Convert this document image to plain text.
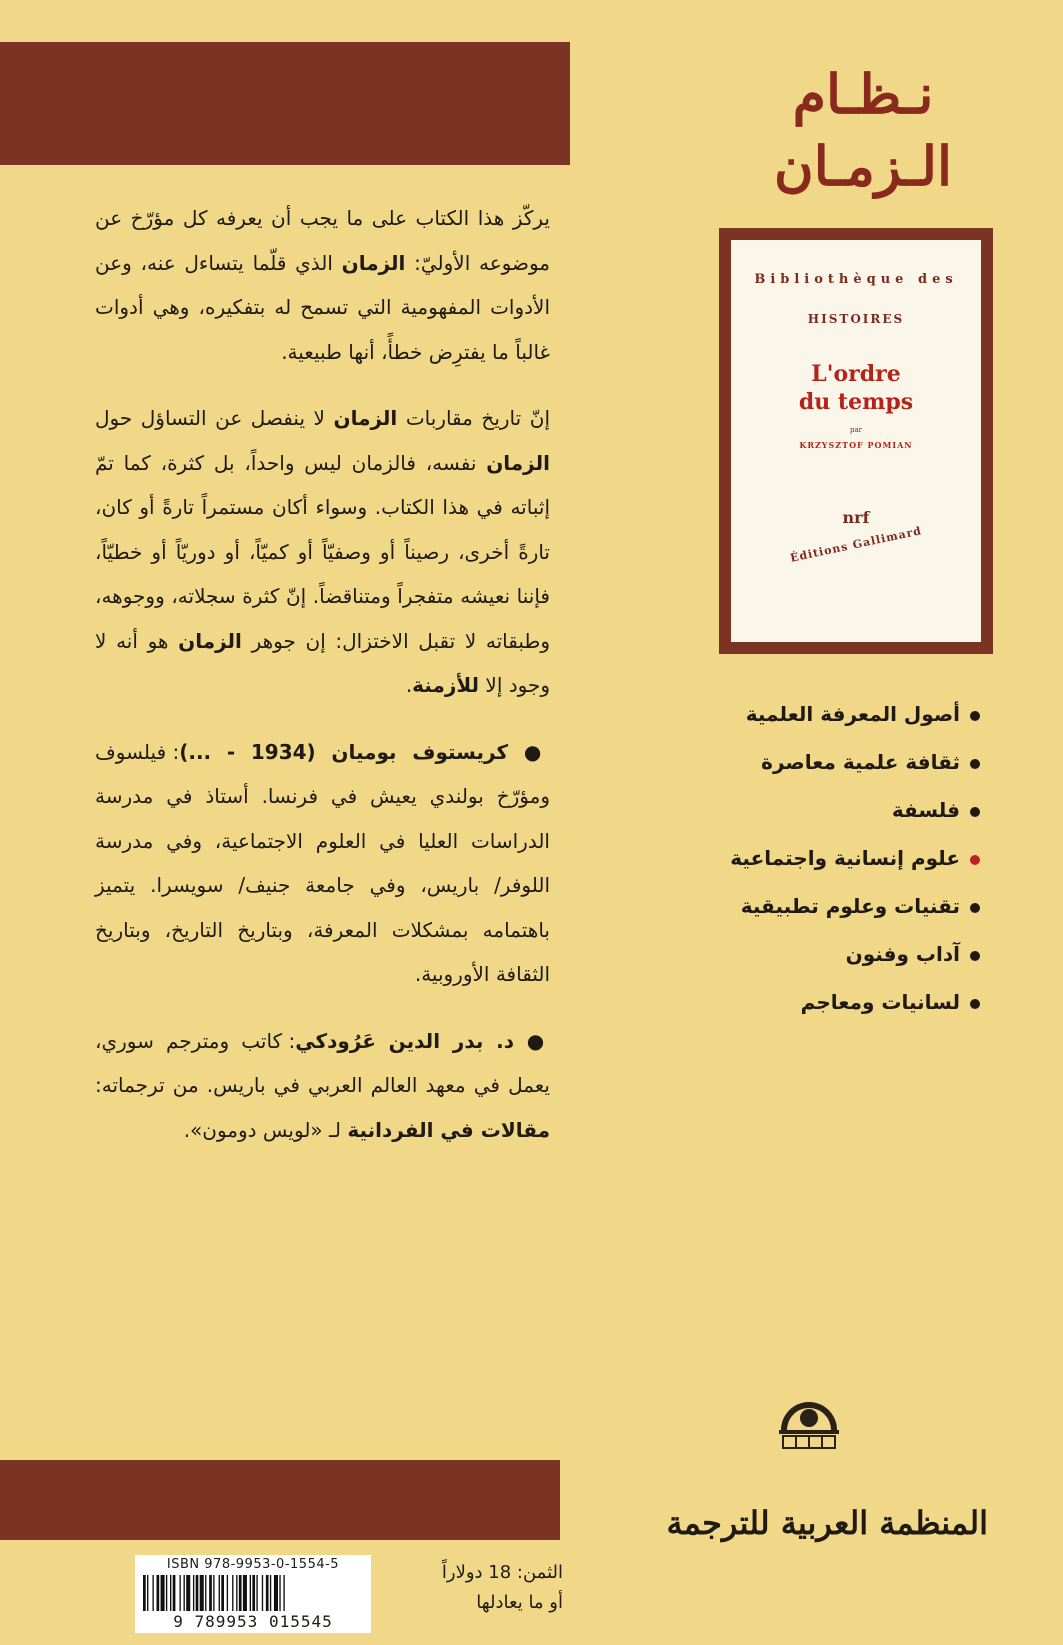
نـظـام
الـزمـان
Bibliothèque des
HISTOIRES
L'ordre
du temps
par
KRZYSZTOF POMIAN
nrf
Éditions Gallimard
أصول المعرفة العلمية
ثقافة علمية معاصرة
فلسفة
علوم إنسانية واجتماعية
تقنيات وعلوم تطبيقية
آداب وفنون
لسانيات ومعاجم

يركّز هذا الكتاب على ما يجب أن يعرفه كل مؤرّخ عن موضوعه الأوليّ: الزمان الذي قلّما يتساءل عنه، وعن الأدوات المفهومية التي تسمح له بتفكيره، وهي أدوات غالباً ما يفترِض خطأً، أنها طبيعية.

إنّ تاريخ مقاربات الزمان لا ينفصل عن التساؤل حول الزمان نفسه، فالزمان ليس واحداً، بل كثرة، كما تمّ إثباته في هذا الكتاب. وسواء أكان مستمراً تارةً أو كان، تارةً أخرى، رصيناً أو وصفيّاً أو كميّاً، أو دوريّاً أو خطيّاً، فإننا نعيشه متفجراً ومتناقضاً. إنّ كثرة سجلاته، ووجوهه، وطبقاته لا تقبل الاختزال: إن جوهر الزمان هو أنه لا وجود إلا للأزمنة.

● كريستوف بوميان (1934 - ...): فيلسوف ومؤرّخ بولندي يعيش في فرنسا. أستاذ في مدرسة الدراسات العليا في العلوم الاجتماعية، وفي مدرسة اللوفر/ باريس، وفي جامعة جنيف/ سويسرا. يتميز باهتمامه بمشكلات المعرفة، وبتاريخ التاريخ، وبتاريخ الثقافة الأوروبية.

● د. بدر الدين عَرُودكي: كاتب ومترجم سوري، يعمل في معهد العالم العربي في باريس. من ترجماته: مقالات في الفردانية لـ «لويس دومون».

المنظمة العربية للترجمة
ISBN 978-9953-0-1554-5
9 789953 015545
الثمن: 18 دولاراً
أو ما يعادلها
